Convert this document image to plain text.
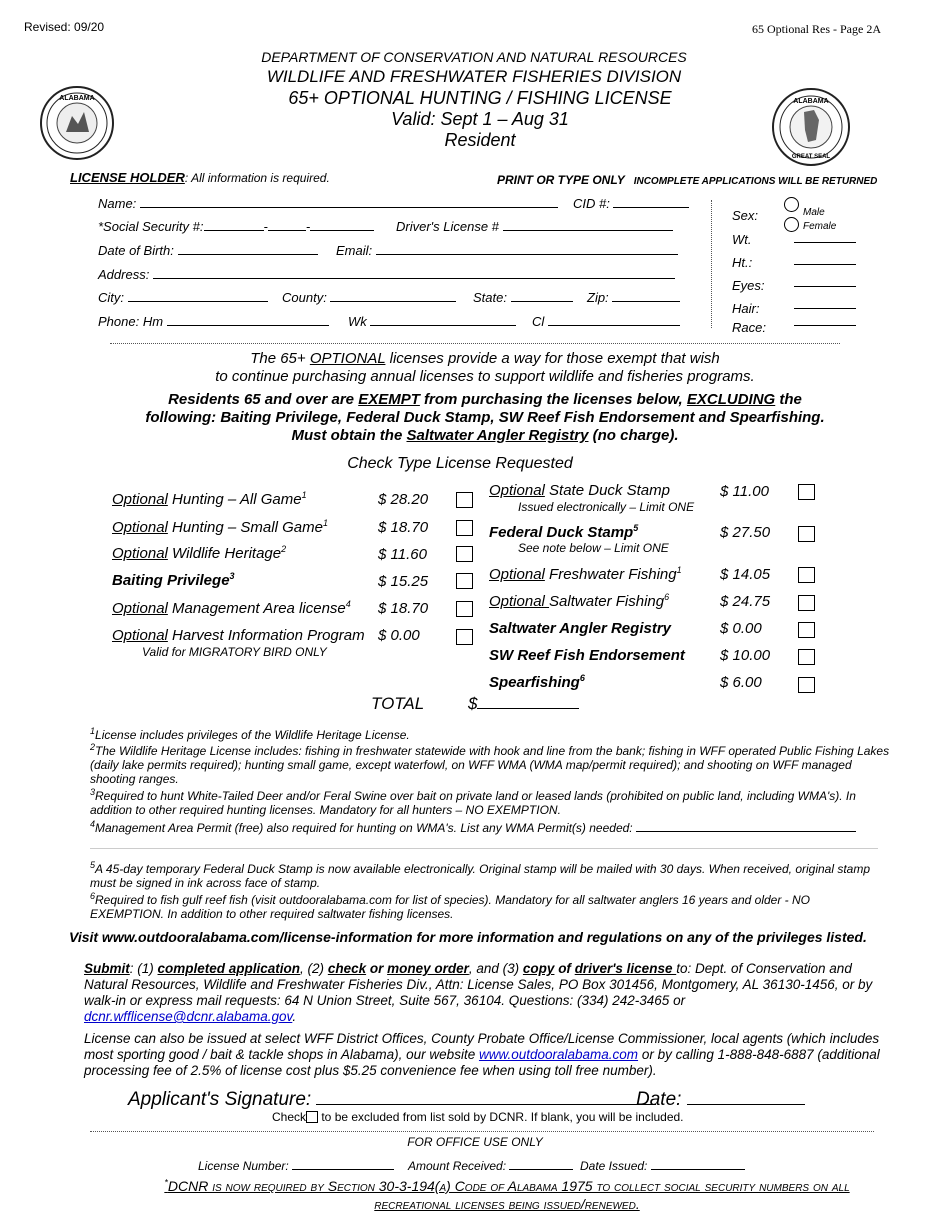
Revised: 09/20	65 Optional Res - Page 2A
ALABAMA	ALABAMA
GREAT SEAL
DEPARTMENT OF CONSERVATION AND NATURAL RESOURCES
WILDLIFE AND FRESHWATER FISHERIES DIVISION
65+ OPTIONAL HUNTING / FISHING LICENSE
Valid: Sept 1 – Aug 31
Resident
LICENSE HOLDER: All information is required.	PRINT OR TYPE ONLY INCOMPLETE APPLICATIONS WILL BE RETURNED
Name:	CID #:
*Social Security #:	-	-	Driver's License #
Date of Birth:	Email:
Address:
City:	County:	State:	Zip:
Phone: Hm	Wk	Cl
Sex:	Male
Female
Wt.
Ht.:
Eyes:
Hair:
Race:
The 65+ OPTIONAL licenses provide a way for those exempt that wish
to continue purchasing annual licenses to support wildlife and fisheries programs.
Residents 65 and over are EXEMPT from purchasing the licenses below, EXCLUDING the
following: Baiting Privilege, Federal Duck Stamp, SW Reef Fish Endorsement and Spearfishing.
Must obtain the Saltwater Angler Registry (no charge).
Check Type License Requested
Optional Hunting – All Game$^1$	$ 28.20
Optional Hunting – Small Game$^1$	$ 18.70
Optional Wildlife Heritage$^2$	$ 11.60
Baiting Privilege$^3$	$ 15.25
Optional Management Area license$^4$ $ 18.70
Optional Harvest Information Program $ 0.00
Valid for MIGRATORY BIRD ONLY
Optional State Duck Stamp
Issued electronically – Limit ONE
$ 11.00
Federal Duck Stamp$^5$
See note below – Limit ONE
$ 27.50
Optional Freshwater Fishing$^1$	$ 14.05
Optional Saltwater Fishing$^6$	$ 24.75
Saltwater Angler Registry	$ 0.00
SW Reef Fish Endorsement $ 10.00
Spearfishing$^6$	$ 6.00
TOTAL	$
$^1$License includes privileges of the Wildlife Heritage License.
$^2$The Wildlife Heritage License includes: fishing in freshwater statewide with hook and line from the bank; fishing in WFF operated Public Fishing Lakes (daily lake permits required); hunting small game, except waterfowl, on WFF WMA (WMA map/permit required); and shooting on WFF managed shooting ranges.
$^3$Required to hunt White-Tailed Deer and/or Feral Swine over bait on private land or leased lands (prohibited on public land, including WMA's). In addition to other required hunting licenses. Mandatory for all hunters – NO EXEMPTION.
$^4$Management Area Permit (free) also required for hunting on WMA's. List any WMA Permit(s) needed:
$^5$A 45-day temporary Federal Duck Stamp is now available electronically. Original stamp will be mailed with 30 days. When received, original stamp must be signed in ink across face of stamp.
$^6$Required to fish gulf reef fish (visit outdooralabama.com for list of species). Mandatory for all saltwater anglers 16 years and older - NO EXEMPTION. In addition to other required saltwater fishing licenses.
Visit www.outdooralabama.com/license-information for more information and regulations on any of the privileges listed.
Submit: (1) completed application, (2) check or money order, and (3) copy of driver's license to: Dept. of Conservation and Natural Resources, Wildlife and Freshwater Fisheries Div., Attn: License Sales, PO Box 301456, Montgomery, AL 36130-1456, or by walk-in or express mail requests: 64 N Union Street, Suite 567, 36104. Questions: (334) 242-3465 or dcnr.wfflicense@dcnr.alabama.gov.
License can also be issued at select WFF District Offices, County Probate Office/License Commissioner, local agents (which includes most sporting good / bait & tackle shops in Alabama), our website www.outdooralabama.com or by calling 1-888-848-6887 (additional processing fee of 2.5% of license cost plus $5.25 convenience fee when using toll free number).
Applicant's Signature:	Date:
Check to be excluded from list sold by DCNR. If blank, you will be included.
FOR OFFICE USE ONLY
License Number:	Amount Received:	Date Issued:
*DCNR is now required by Section 30-3-194(a) Code of Alabama 1975 to collect social security numbers on all
recreational licenses being issued/renewed.
